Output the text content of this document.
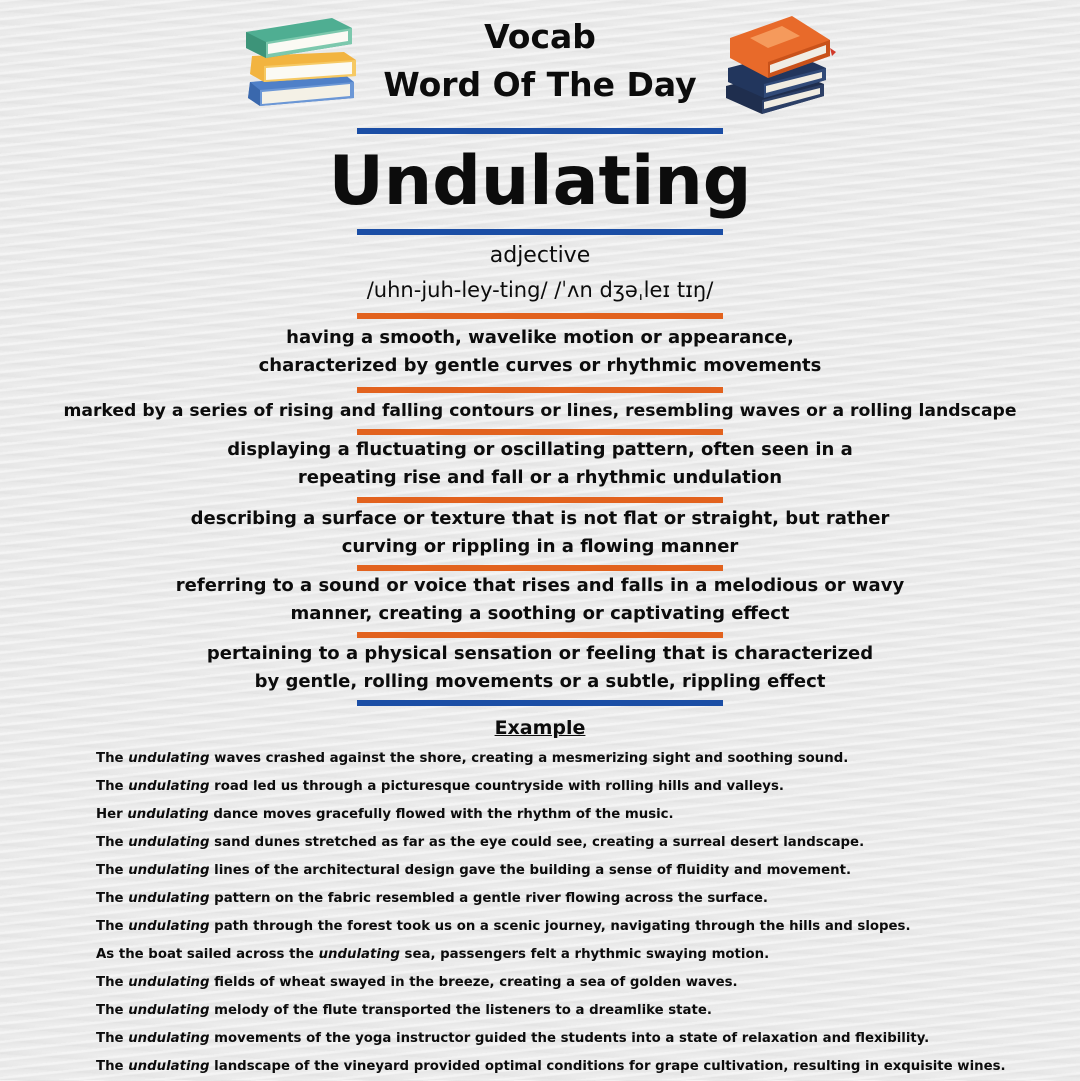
Vocab
Word Of The Day
Undulating
adjective
/uhn-juh-ley-ting/ /ˈʌn dʒəˌleɪ tɪŋ/
having a smooth, wavelike motion or appearance,
characterized by gentle curves or rhythmic movements
marked by a series of rising and falling contours or lines, resembling waves or a rolling landscape
displaying a fluctuating or oscillating pattern, often seen in a
repeating rise and fall or a rhythmic undulation
describing a surface or texture that is not flat or straight, but rather
curving or rippling in a flowing manner
referring to a sound or voice that rises and falls in a melodious or wavy
manner, creating a soothing or captivating effect
pertaining to a physical sensation or feeling that is characterized
by gentle, rolling movements or a subtle, rippling effect
Example
The undulating waves crashed against the shore, creating a mesmerizing sight and soothing sound.
The undulating road led us through a picturesque countryside with rolling hills and valleys.
Her undulating dance moves gracefully flowed with the rhythm of the music.
The undulating sand dunes stretched as far as the eye could see, creating a surreal desert landscape.
The undulating lines of the architectural design gave the building a sense of fluidity and movement.
The undulating pattern on the fabric resembled a gentle river flowing across the surface.
The undulating path through the forest took us on a scenic journey, navigating through the hills and slopes.
As the boat sailed across the undulating sea, passengers felt a rhythmic swaying motion.
The undulating fields of wheat swayed in the breeze, creating a sea of golden waves.
The undulating melody of the flute transported the listeners to a dreamlike state.
The undulating movements of the yoga instructor guided the students into a state of relaxation and flexibility.
The undulating landscape of the vineyard provided optimal conditions for grape cultivation, resulting in exquisite wines.
